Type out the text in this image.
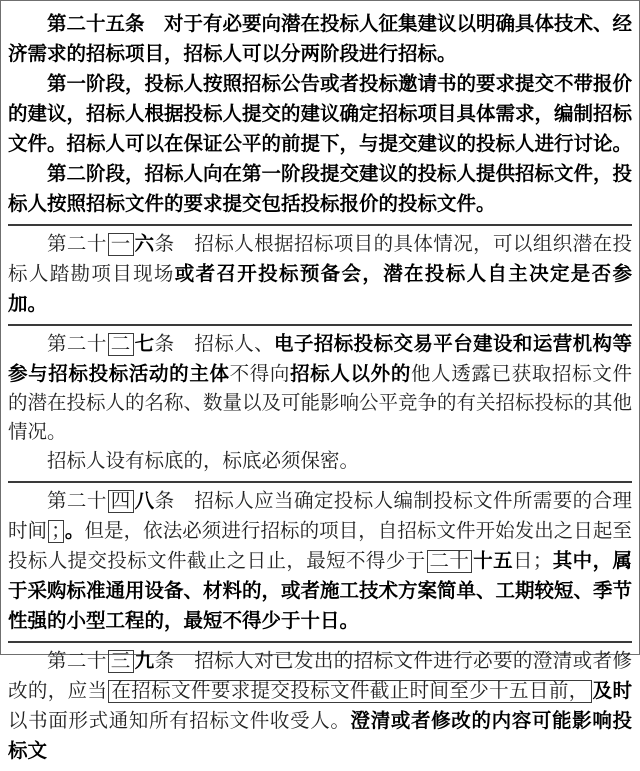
第二十五条　对于有必要向潜在投标人征集建议以明确具体技术、经济需求的招标项目，招标人可以分两阶段进行招标。

第一阶段，投标人按照招标公告或者投标邀请书的要求提交不带报价的建议，招标人根据投标人提交的建议确定招标项目具体需求，编制招标文件。招标人可以在保证公平的前提下，与提交建议的投标人进行讨论。

第二阶段，招标人向在第一阶段提交建议的投标人提供招标文件，投标人按照招标文件的要求提交包括投标报价的投标文件。

第二十 一 六条　招标人根据招标项目的具体情况，可以组织潜在投标人踏勘项目现场或者召开投标预备会，潜在投标人自主决定是否参加。

第二十 二 七条　招标人、电子招标投标交易平台建设和运营机构等参与招标投标活动的主体不得向招标人以外的他人透露已获取招标文件的潜在投标人的名称、数量以及可能影响公平竞争的有关招标投标的其他情况。

招标人设有标底的，标底必须保密。

第二十 四 八条　招标人应当确定投标人编制投标文件所需要的合理时间 ； 。但是，依法必须进行招标的项目，自招标文件开始发出之日起至投标人提交投标文件截止之日止，最短不得少于 二十 十五日；其中，属于采购标准通用设备、材料的，或者施工技术方案简单、工期较短、季节性强的小型工程的，最短不得少于十日。

第二十 三 九条　招标人对已发出的招标文件进行必要的澄清或者修改的，应当 在招标文件要求提交投标文件截止时间至少十五日前， 及时以书面形式通知所有招标文件收受人。澄清或者修改的内容可能影响投标文
